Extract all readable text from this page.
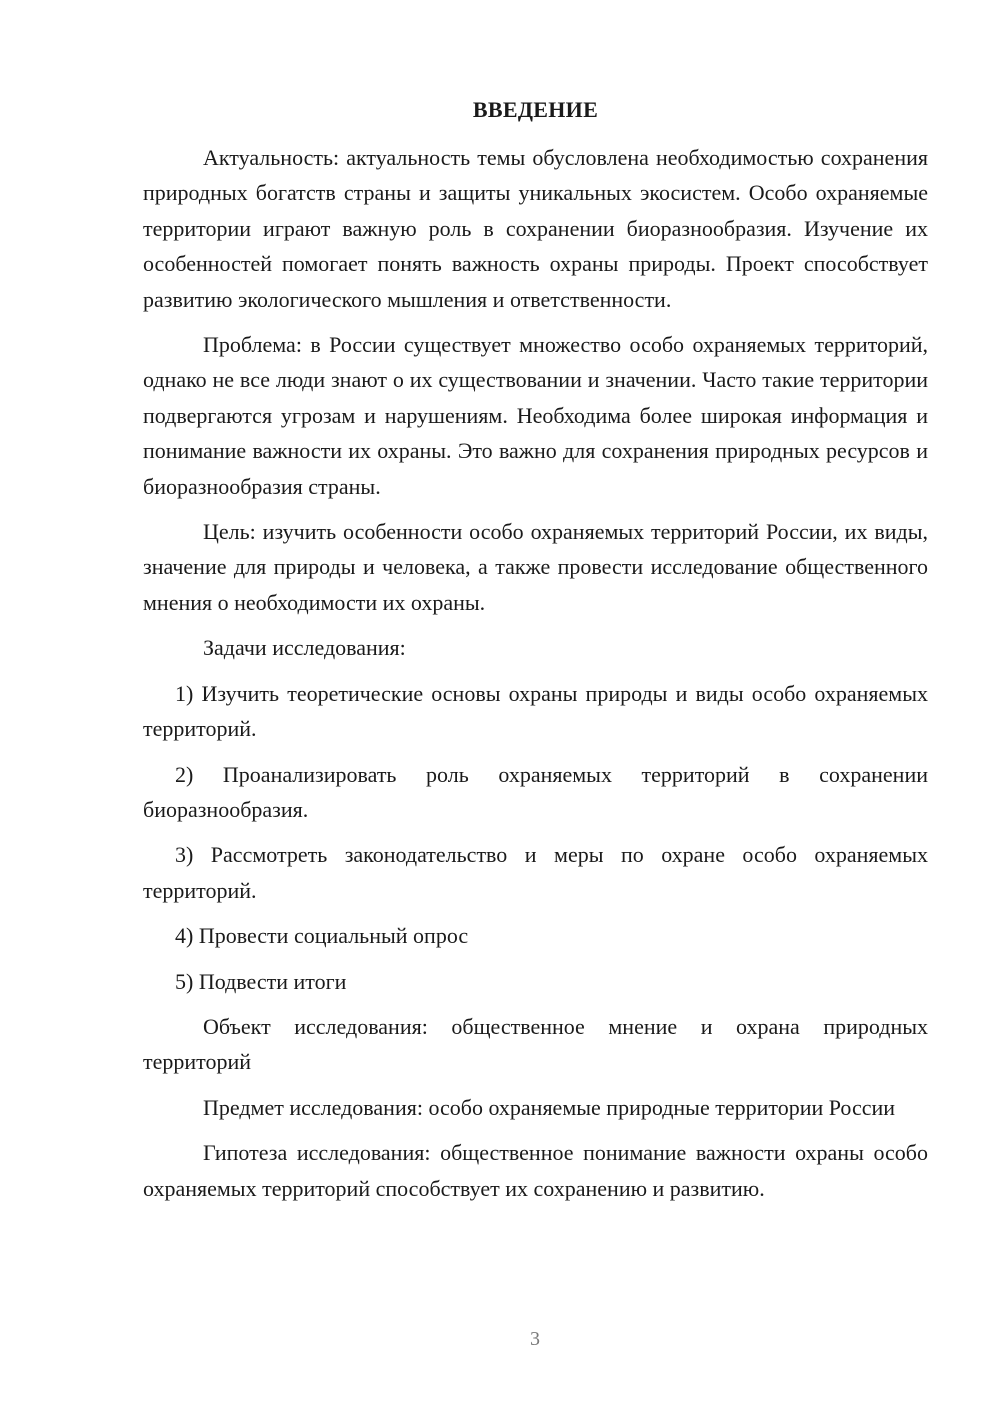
ВВЕДЕНИЕ

Актуальность: актуальность темы обусловлена необходимостью сохранения природных богатств страны и защиты уникальных экосистем. Особо охраняемые территории играют важную роль в сохранении биоразнообразия. Изучение их особенностей помогает понять важность охраны природы. Проект способствует развитию экологического мышления и ответственности.

Проблема: в России существует множество особо охраняемых территорий, однако не все люди знают о их существовании и значении. Часто такие территории подвергаются угрозам и нарушениям. Необходима более широкая информация и понимание важности их охраны. Это важно для сохранения природных ресурсов и биоразнообразия страны.

Цель: изучить особенности особо охраняемых территорий России, их виды, значение для природы и человека, а также провести исследование общественного мнения о необходимости их охраны.

Задачи исследования:

1) Изучить теоретические основы охраны природы и виды особо охраняемых территорий.

2) Проанализировать роль охраняемых территорий в сохранении биоразнообразия.

3) Рассмотреть законодательство и меры по охране особо охраняемых территорий.

4) Провести социальный опрос

5) Подвести итоги

Объект исследования: общественное мнение и охрана природных территорий

Предмет исследования: особо охраняемые природные территории России

Гипотеза исследования: общественное понимание важности охраны особо охраняемых территорий способствует их сохранению и развитию.

3
